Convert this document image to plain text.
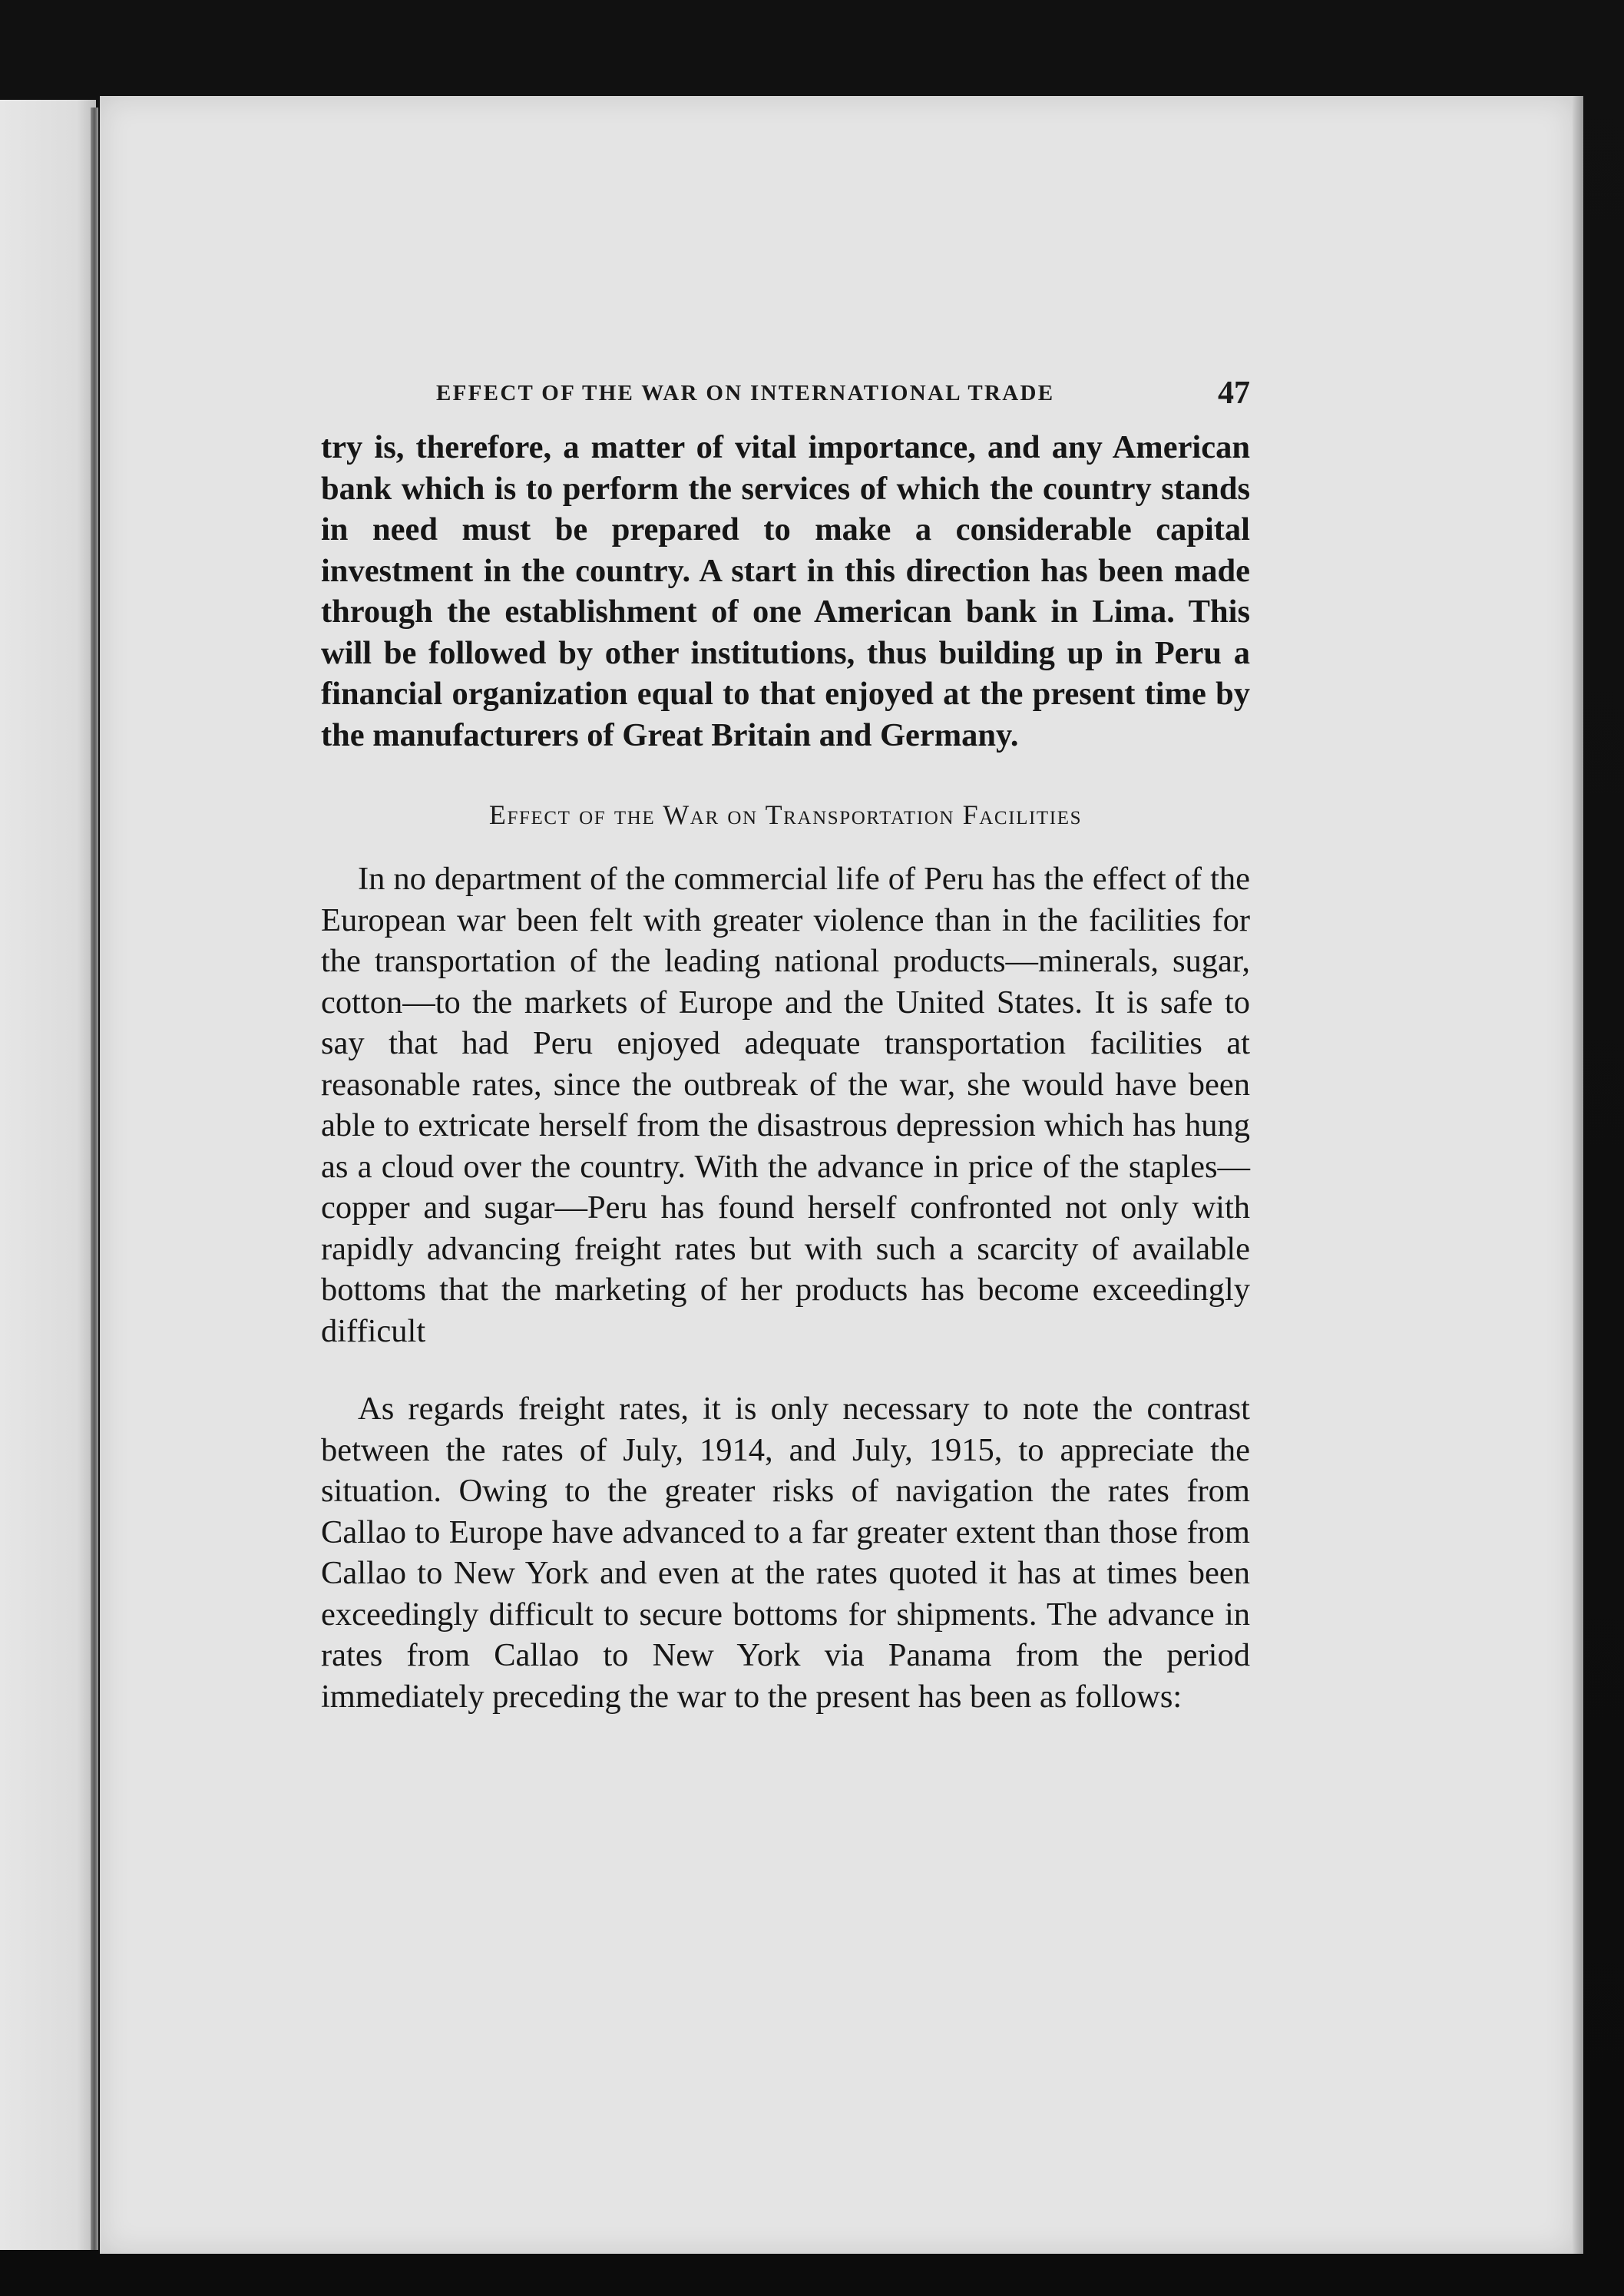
EFFECT OF THE WAR ON INTERNATIONAL TRADE	47

try is, therefore, a matter of vital importance, and any American bank which is to perform the services of which the country stands in need must be prepared to make a considerable capital investment in the country. A start in this direction has been made through the establishment of one American bank in Lima. This will be followed by other institutions, thus building up in Peru a financial organization equal to that enjoyed at the present time by the manufacturers of Great Britain and Germany.

Effect of the War on Transportation Facilities

In no department of the commercial life of Peru has the effect of the European war been felt with greater violence than in the facilities for the transportation of the leading national products—minerals, sugar, cotton—to the markets of Europe and the United States. It is safe to say that had Peru enjoyed adequate transportation facilities at reasonable rates, since the outbreak of the war, she would have been able to extricate herself from the disastrous depression which has hung as a cloud over the country. With the advance in price of the staples—copper and sugar—Peru has found herself confronted not only with rapidly advancing freight rates but with such a scarcity of available bottoms that the marketing of her products has become exceedingly difficult

As regards freight rates, it is only necessary to note the contrast between the rates of July, 1914, and July, 1915, to appreciate the situation. Owing to the greater risks of navigation the rates from Callao to Europe have advanced to a far greater extent than those from Callao to New York and even at the rates quoted it has at times been exceedingly difficult to secure bottoms for shipments. The advance in rates from Callao to New York via Panama from the period immediately preceding the war to the present has been as follows:
